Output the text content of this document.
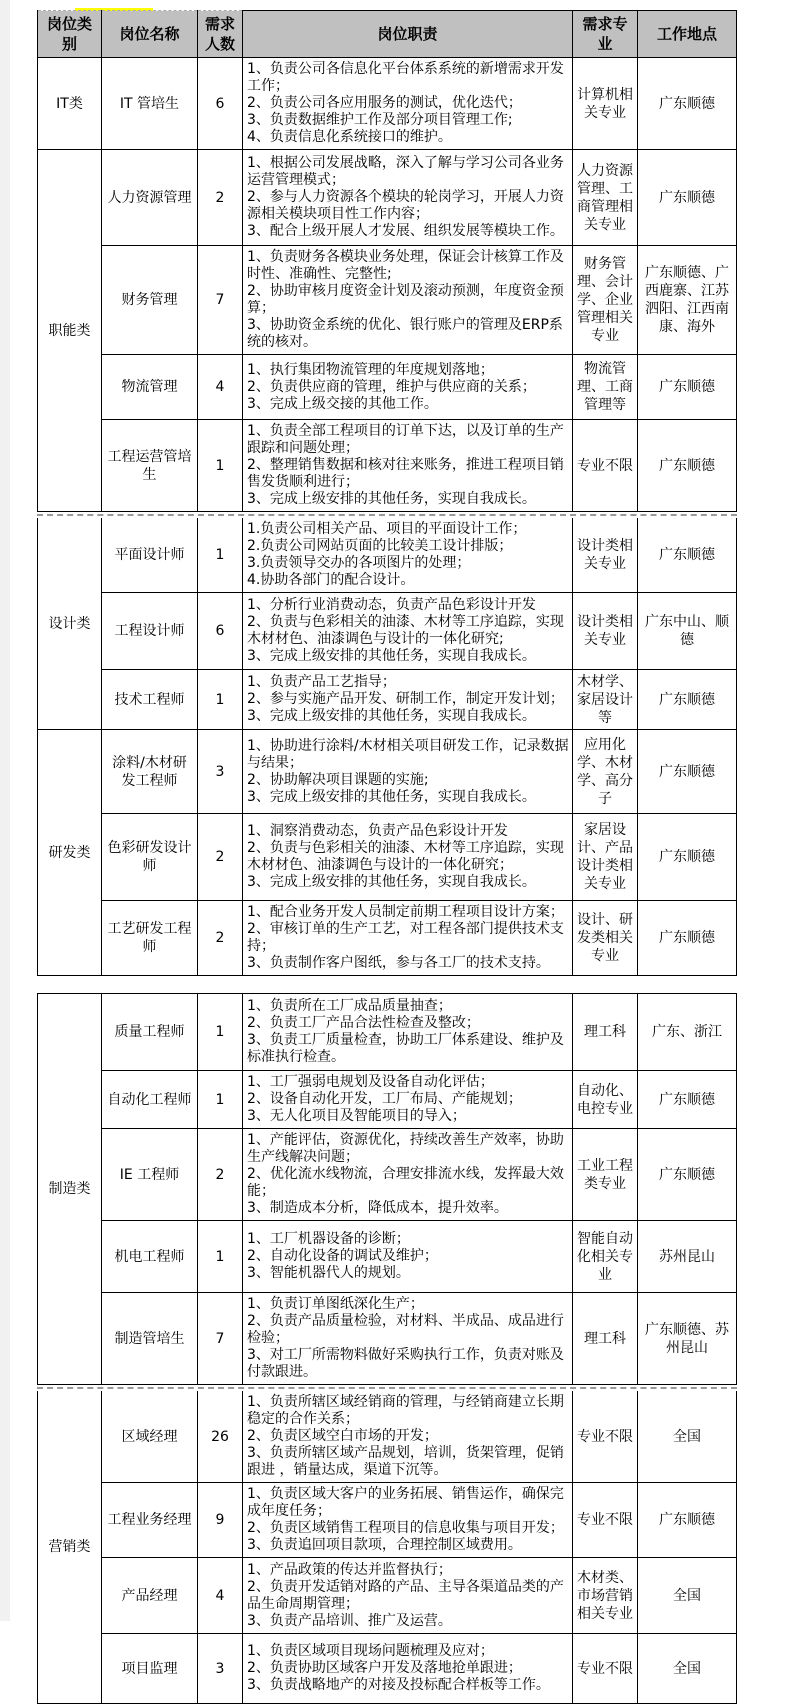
岗位类别	岗位名称	需求人数	岗位职责	需求专业	工作地点
IT类	IT 管培生	6	1、负责公司各信息化平台体系系统的新增需求开发工作；
2、负责公司各应用服务的测试，优化迭代；
3、负责数据维护工作及部分项目管理工作;
4、负责信息化系统接口的维护。	计算机相关专业	广东顺德
职能类	人力资源管理	2	1、根据公司发展战略，深入了解与学习公司各业务运营管理模式；
2、参与人力资源各个模块的轮岗学习，开展人力资源相关模块项目性工作内容；
3、配合上级开展人才发展、组织发展等模块工作。	人力资源管理、工商管理相关专业	广东顺德
	财务管理	7	1、负责财务各模块业务处理，保证会计核算工作及时性、准确性、完整性;
2、协助审核月度资金计划及滚动预测，年度资金预算；
3、协助资金系统的优化、银行账户的管理及ERP系统的核对。	财务管理、会计学、企业管理相关专业	广东顺德、广西鹿寨、江苏泗阳、江西南康、海外
	物流管理	4	1、执行集团物流管理的年度规划落地；
2、负责供应商的管理，维护与供应商的关系；
3、完成上级交接的其他工作。	物流管理、工商管理等	广东顺德
	工程运营管培生	1	1、负责全部工程项目的订单下达，以及订单的生产跟踪和问题处理；
2、整理销售数据和核对往来账务，推进工程项目销售发货顺利进行；
3、完成上级安排的其他任务，实现自我成长。	专业不限	广东顺德
设计类	平面设计师	1	1.负责公司相关产品、项目的平面设计工作；
2.负责公司网站页面的比较美工设计排版；
3.负责领导交办的各项图片的处理；
4.协助各部门的配合设计。	设计类相关专业	广东顺德
	工程设计师	6	1、分析行业消费动态，负责产品色彩设计开发
2、负责与色彩相关的油漆、木材等工序追踪，实现木材材色、油漆调色与设计的一体化研究;
3、完成上级安排的其他任务，实现自我成长。	设计类相关专业	广东中山、顺德
	技术工程师	1	1、负责产品工艺指导；
2、参与实施产品开发、研制工作，制定开发计划；
3、完成上级安排的其他任务，实现自我成长。	木材学、家居设计等	广东顺德
研发类	涂料/木材研发工程师	3	1、协助进行涂料/木材相关项目研发工作，记录数据与结果；
2、协助解决项目课题的实施;
3、完成上级安排的其他任务，实现自我成长。	应用化学、木材学、高分子	广东顺德
	色彩研发设计师	2	1、洞察消费动态，负责产品色彩设计开发
2、负责与色彩相关的油漆、木材等工序追踪，实现木材材色、油漆调色与设计的一体化研究；
3、完成上级安排的其他任务，实现自我成长。	家居设计、产品设计类相关专业	广东顺德
	工艺研发工程师	2	1、配合业务开发人员制定前期工程项目设计方案；
2、审核订单的生产工艺，对工程各部门提供技术支持；
3、负责制作客户图纸，参与各工厂的技术支持。	设计、研发类相关专业	广东顺德
制造类	质量工程师	1	1、负责所在工厂成品质量抽查；
2、负责工厂产品合法性检查及整改；
3、负责工厂质量检查，协助工厂体系建设、维护及标准执行检查。	理工科	广东、浙江
	自动化工程师	1	1、工厂强弱电规划及设备自动化评估；
2、设备自动化开发，工厂布局、产能规划；
3、无人化项目及智能项目的导入；	自动化、电控专业	广东顺德
	IE 工程师	2	1、产能评估，资源优化，持续改善生产效率，协助生产线解决问题；
2、优化流水线物流，合理安排流水线，发挥最大效能；
3、制造成本分析，降低成本，提升效率。	工业工程类专业	广东顺德
	机电工程师	1	1、工厂机器设备的诊断；
2、自动化设备的调试及维护；
3、智能机器代人的规划。	智能自动化相关专业	苏州昆山
	制造管培生	7	1、负责订单图纸深化生产；
2、负责产品质量检验，对材料、半成品、成品进行检验；
3、对工厂所需物料做好采购执行工作，负责对账及付款跟进。	理工科	广东顺德、苏州昆山
营销类	区域经理	26	1、负责所辖区域经销商的管理，与经销商建立长期稳定的合作关系；
2、负责区域空白市场的开发；
3、负责所辖区域产品规划，培训，货架管理，促销跟进 ，销量达成，渠道下沉等。	专业不限	全国
	工程业务经理	9	1、负责区域大客户的业务拓展、销售运作，确保完成年度任务；
2、负责区域销售工程项目的信息收集与项目开发；
3、负责追回项目款项，合理控制区域费用。	专业不限	广东顺德
	产品经理	4	1、产品政策的传达并监督执行；
2、负责开发适销对路的产品、主导各渠道品类的产品生命周期管理；
3、负责产品培训、推广及运营。	木材类、市场营销相关专业	全国
	项目监理	3	1、负责区域项目现场问题梳理及应对；
2、负责协助区域客户开发及落地抢单跟进；
3、负责战略地产的对接及投标配合样板等工作。	专业不限	全国
